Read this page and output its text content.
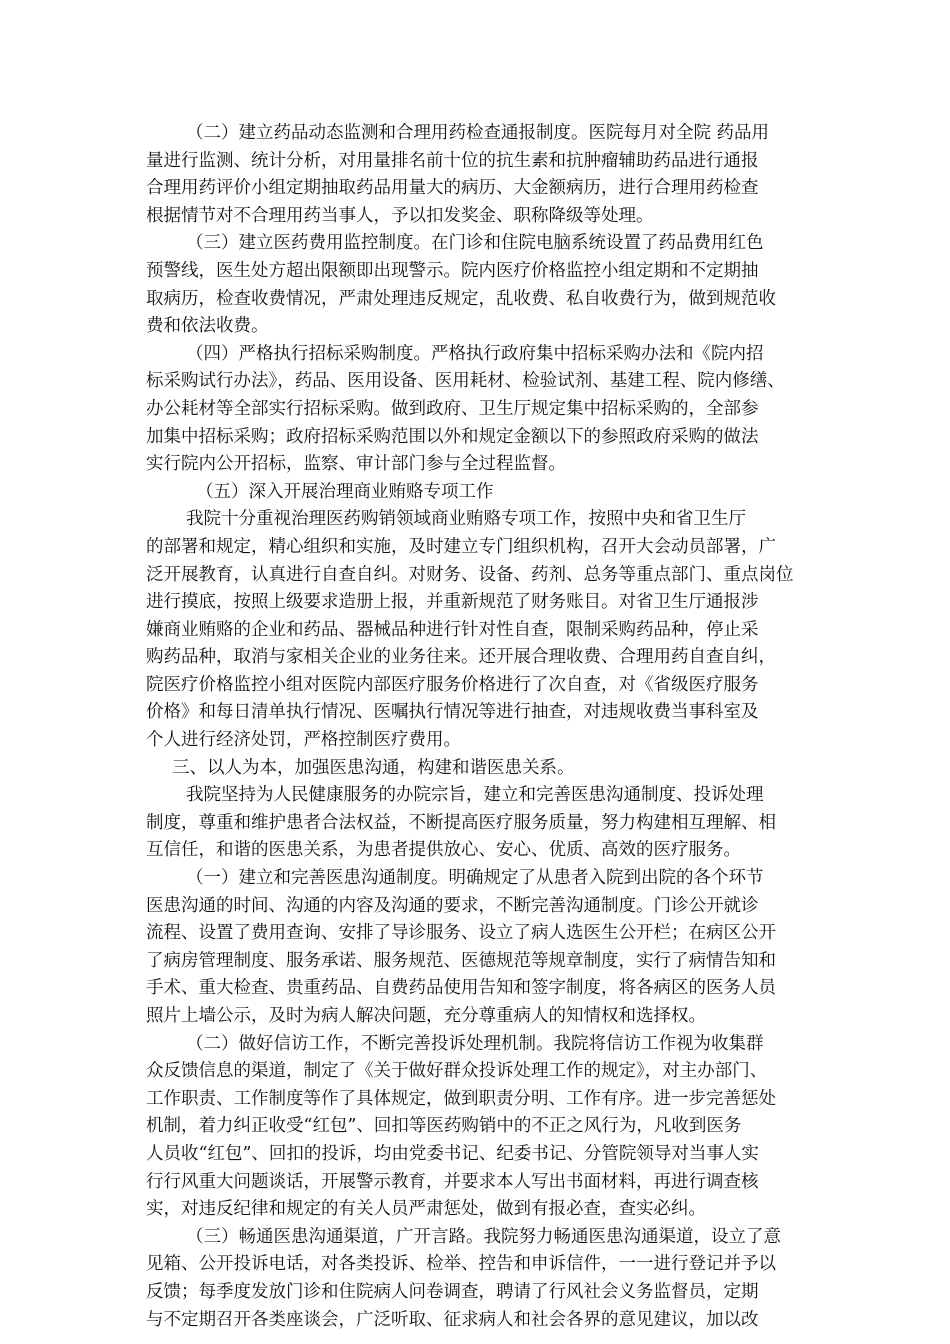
（二）建立药品动态监测和合理用药检查通报制度。医院每月对全院 药品用
量进行监测、统计分析，对用量排名前十位的抗生素和抗肿瘤辅助药品进行通报
合理用药评价小组定期抽取药品用量大的病历、大金额病历，进行合理用药检查
根据情节对不合理用药当事人，予以扣发奖金、职称降级等处理。
（三）建立医药费用监控制度。在门诊和住院电脑系统设置了药品费用红色
预警线，医生处方超出限额即出现警示。院内医疗价格监控小组定期和不定期抽
取病历，检查收费情况，严肃处理违反规定，乱收费、私自收费行为，做到规范收
费和依法收费。
（四）严格执行招标采购制度。严格执行政府集中招标采购办法和《院内招
标采购试行办法》，药品、医用设备、医用耗材、检验试剂、基建工程、院内修缮、
办公耗材等全部实行招标采购。做到政府、卫生厅规定集中招标采购的，全部参
加集中招标采购；政府招标采购范围以外和规定金额以下的参照政府采购的做法
实行院内公开招标，监察、审计部门参与全过程监督。
（五）深入开展治理商业贿赂专项工作
我院十分重视治理医药购销领域商业贿赂专项工作，按照中央和省卫生厅
的部署和规定，精心组织和实施，及时建立专门组织机构，召开大会动员部署，广
泛开展教育，认真进行自查自纠。对财务、设备、药剂、总务等重点部门、重点岗位
进行摸底，按照上级要求造册上报，并重新规范了财务账目。对省卫生厅通报涉
嫌商业贿赂的企业和药品、器械品种进行针对性自查，限制采购药品种，停止采
购药品种，取消与家相关企业的业务往来。还开展合理收费、合理用药自查自纠，
院医疗价格监控小组对医院内部医疗服务价格进行了次自查，对《省级医疗服务
价格》和每日清单执行情况、医嘱执行情况等进行抽查，对违规收费当事科室及
个人进行经济处罚，严格控制医疗费用。
三、以人为本，加强医患沟通，构建和谐医患关系。
我院坚持为人民健康服务的办院宗旨，建立和完善医患沟通制度、投诉处理
制度，尊重和维护患者合法权益，不断提高医疗服务质量，努力构建相互理解、相
互信任，和谐的医患关系，为患者提供放心、安心、优质、高效的医疗服务。
（一）建立和完善医患沟通制度。明确规定了从患者入院到出院的各个环节
医患沟通的时间、沟通的内容及沟通的要求，不断完善沟通制度。门诊公开就诊
流程、设置了费用查询、安排了导诊服务、设立了病人选医生公开栏；在病区公开
了病房管理制度、服务承诺、服务规范、医德规范等规章制度，实行了病情告知和
手术、重大检查、贵重药品、自费药品使用告知和签字制度，将各病区的医务人员
照片上墙公示，及时为病人解决问题，充分尊重病人的知情权和选择权。
（二）做好信访工作，不断完善投诉处理机制。我院将信访工作视为收集群
众反馈信息的渠道，制定了《关于做好群众投诉处理工作的规定》，对主办部门、
工作职责、工作制度等作了具体规定，做到职责分明、工作有序。进一步完善惩处
机制，着力纠正收受“红包”、回扣等医药购销中的不正之风行为，凡收到医务
人员收“红包”、回扣的投诉，均由党委书记、纪委书记、分管院领导对当事人实
行行风重大问题谈话，开展警示教育，并要求本人写出书面材料，再进行调查核
实，对违反纪律和规定的有关人员严肃惩处，做到有报必查，查实必纠。
（三）畅通医患沟通渠道，广开言路。我院努力畅通医患沟通渠道，设立了意
见箱、公开投诉电话，对各类投诉、检举、控告和申诉信件，一一进行登记并予以
反馈；每季度发放门诊和住院病人问卷调查，聘请了行风社会义务监督员，定期
与不定期召开各类座谈会，广泛听取、征求病人和社会各界的意见建议，加以改
